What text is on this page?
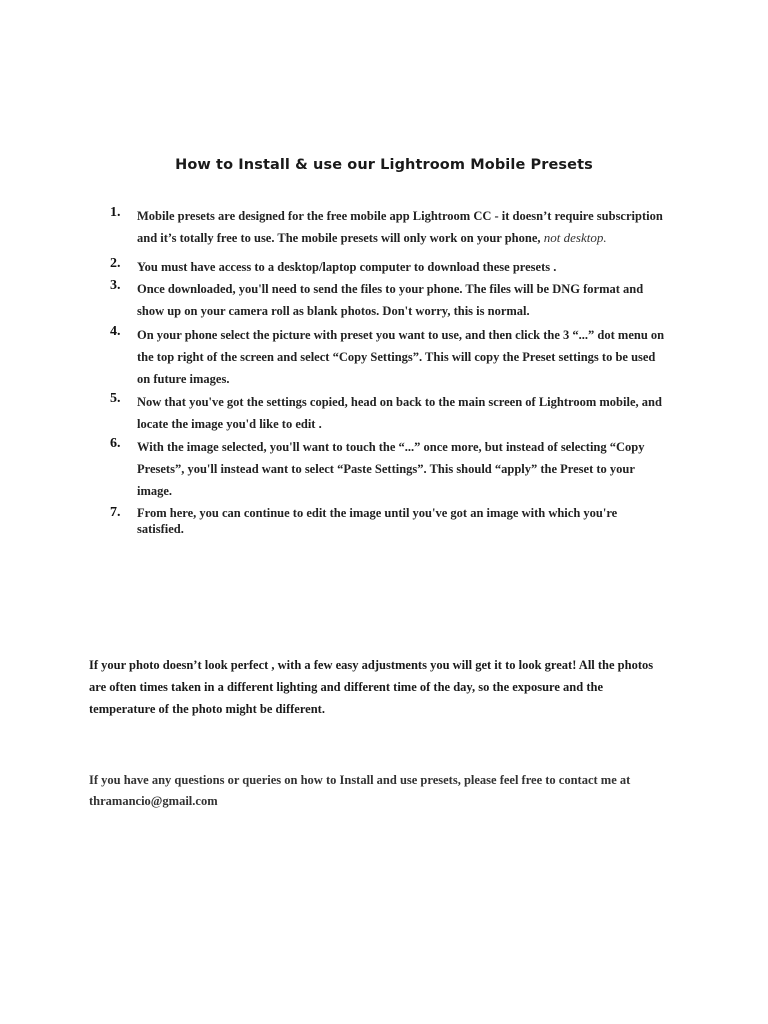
How to Install & use our Lightroom Mobile Presets
1.	Mobile presets are designed for the free mobile app Lightroom CC - it doesn’t require subscription and it’s totally free to use. The mobile presets will only work on your phone, not desktop.
2.	You must have access to a desktop/laptop computer to download these presets .
3.	Once downloaded, you'll need to send the files to your phone. The files will be DNG format and show up on your camera roll as blank photos. Don't worry, this is normal.
4.	On your phone select the picture with preset you want to use, and then click the 3 “...” dot menu on the top right of the screen and select “Copy Settings”. This will copy the Preset settings to be used on future images.
5.	Now that you've got the settings copied, head on back to the main screen of Lightroom mobile, and locate the image you'd like to edit .
6.	With the image selected, you'll want to touch the “...” once more, but instead of selecting “Copy Presets”, you'll instead want to select “Paste Settings”. This should “apply” the Preset to your image.
7.	From here, you can continue to edit the image until you've got an image with which you're satisfied.
If your photo doesn’t look perfect , with a few easy adjustments you will get it to look great! All the photos are often times taken in a different lighting and different time of the day, so the exposure and the temperature of the photo might be different.
If you have any questions or queries on how to Install and use presets, please feel free to contact me at thramancio@gmail.com
